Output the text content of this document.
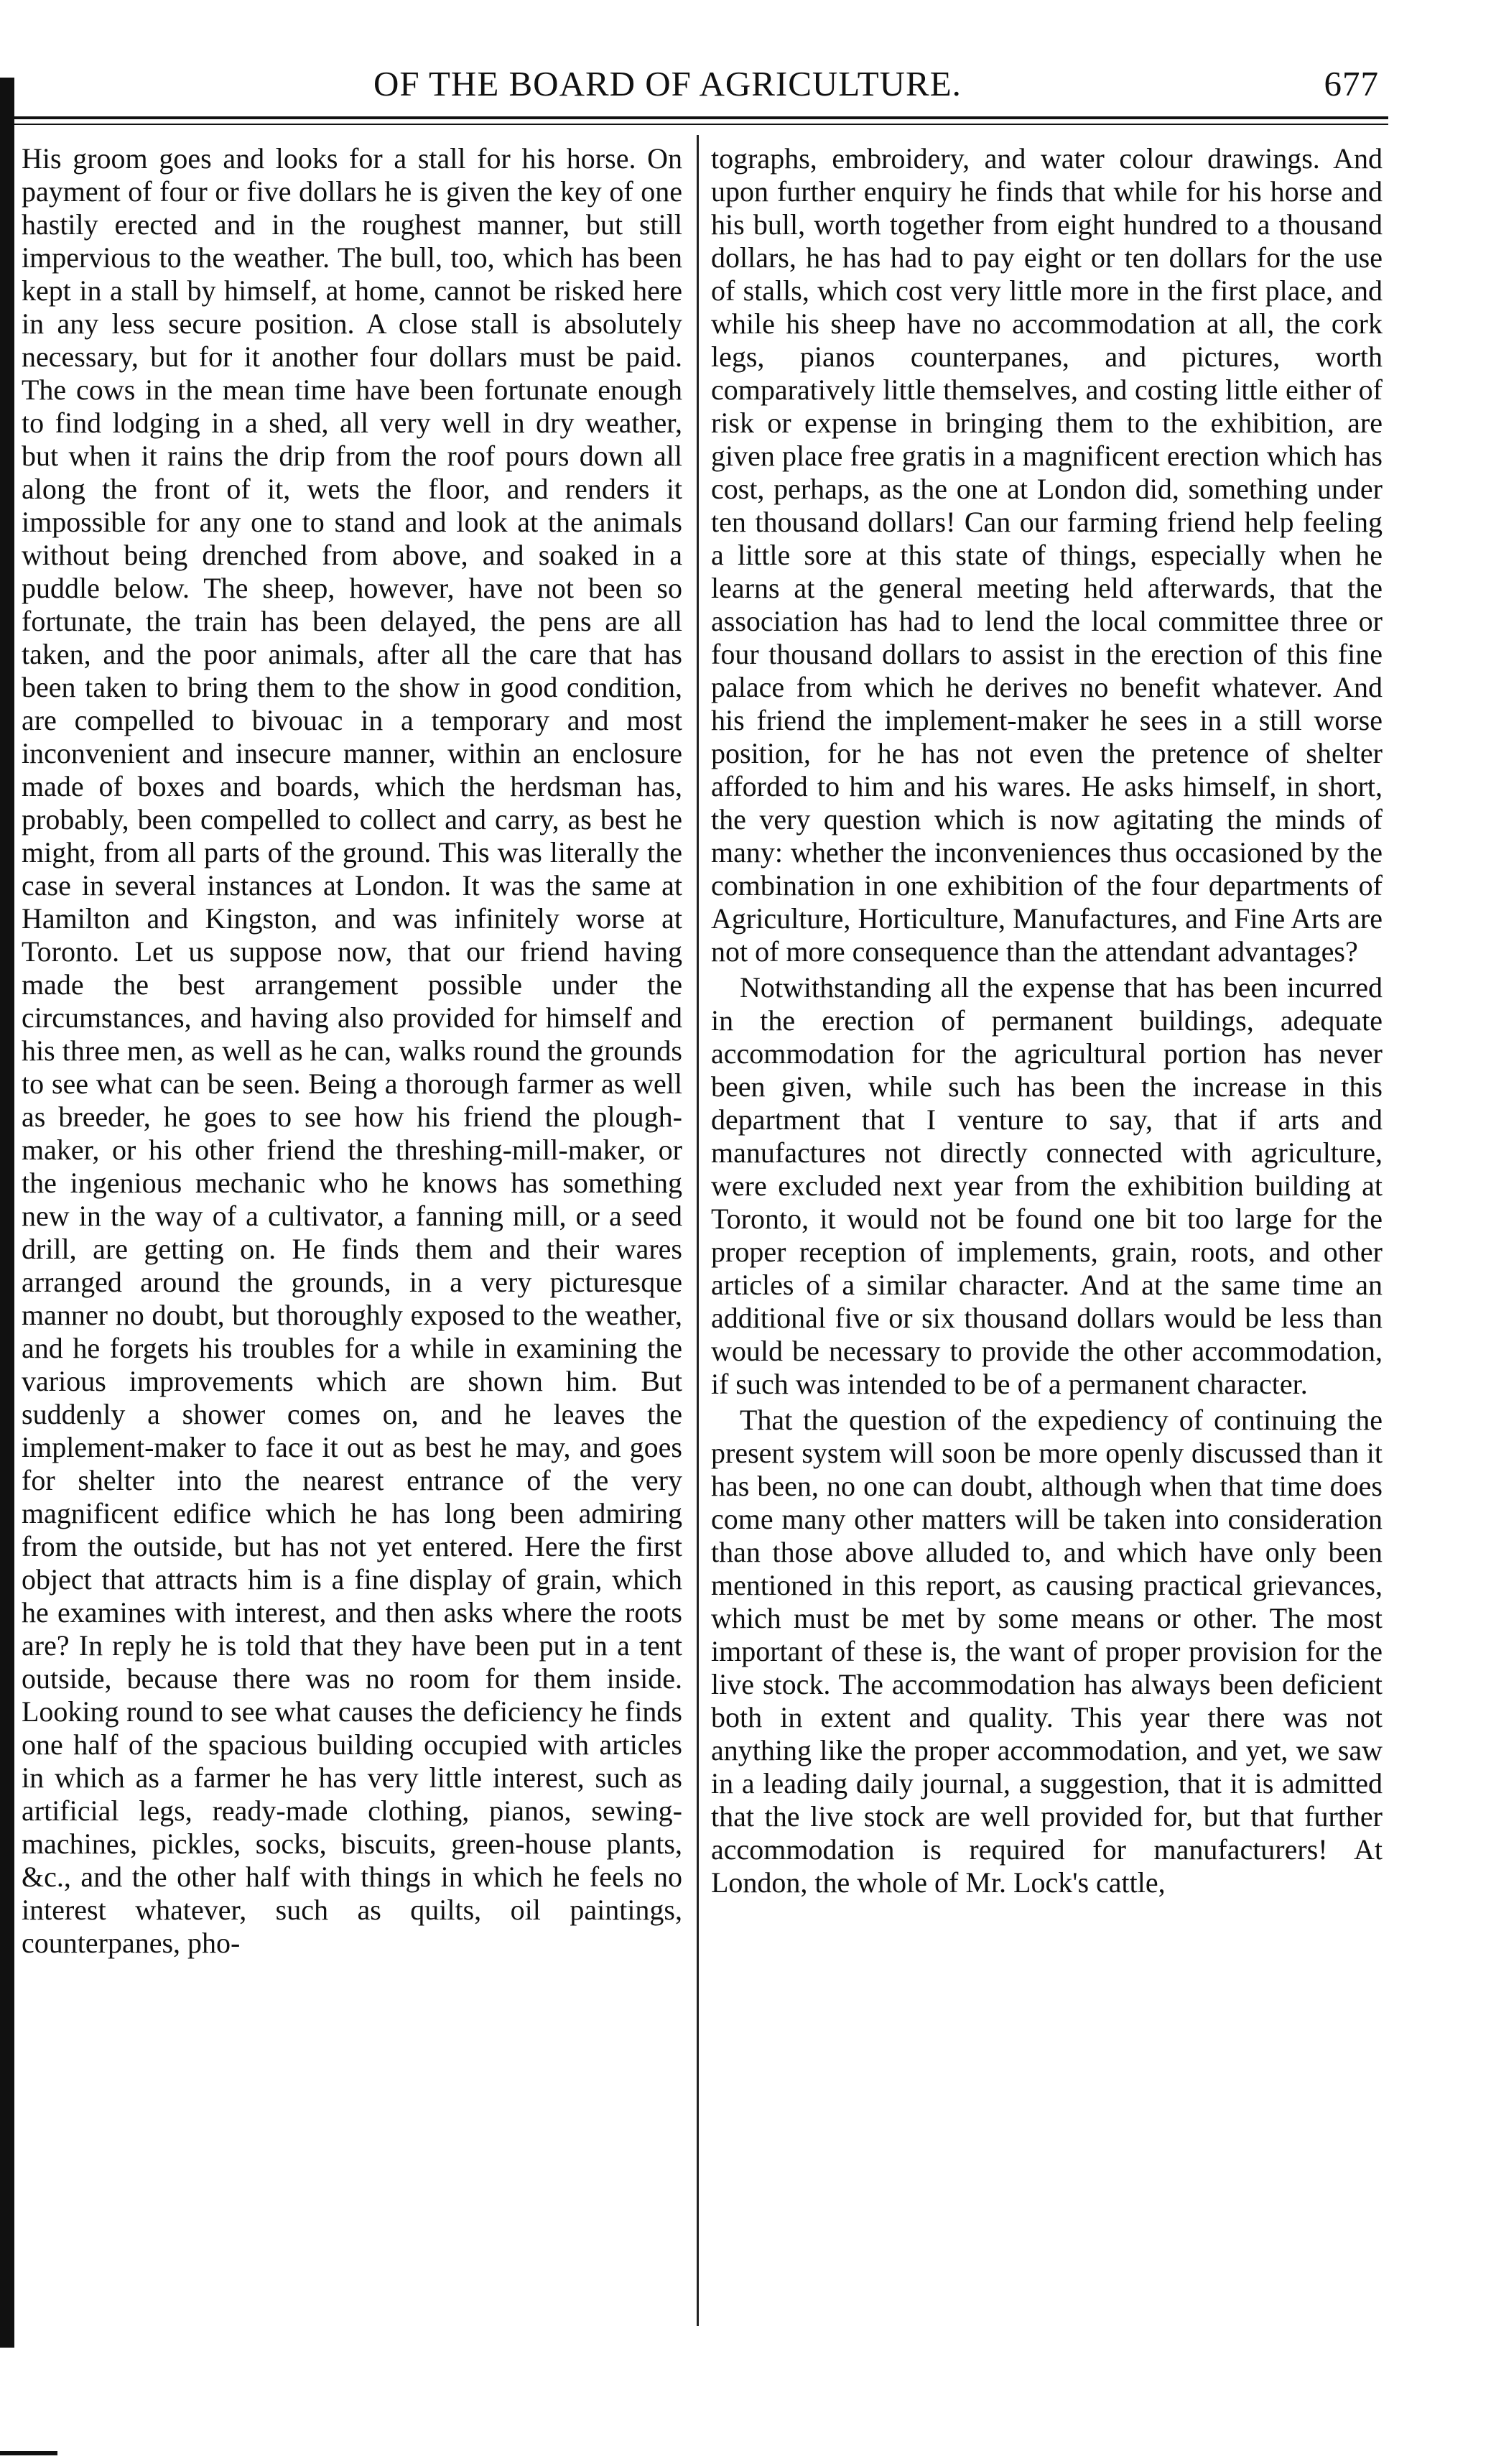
OF THE BOARD OF AGRICULTURE.	677

His groom goes and looks for a stall for his horse. On payment of four or five dollars he is given the key of one hastily erected and in the roughest manner, but still impervious to the weather. The bull, too, which has been kept in a stall by himself, at home, cannot be risked here in any less secure position. A close stall is absolutely necessary, but for it another four dollars must be paid. The cows in the mean time have been fortunate enough to find lodging in a shed, all very well in dry weather, but when it rains the drip from the roof pours down all along the front of it, wets the floor, and renders it impossible for any one to stand and look at the animals without being drenched from above, and soaked in a puddle below. The sheep, however, have not been so fortunate, the train has been delayed, the pens are all taken, and the poor animals, after all the care that has been taken to bring them to the show in good condition, are compelled to bivouac in a temporary and most inconvenient and insecure manner, within an enclosure made of boxes and boards, which the herdsman has, probably, been compelled to collect and carry, as best he might, from all parts of the ground. This was literally the case in several instances at London. It was the same at Hamilton and Kingston, and was infinitely worse at Toronto. Let us suppose now, that our friend having made the best arrangement possible under the circumstances, and having also provided for himself and his three men, as well as he can, walks round the grounds to see what can be seen. Being a thorough farmer as well as breeder, he goes to see how his friend the plough-maker, or his other friend the threshing-mill-maker, or the ingenious mechanic who he knows has something new in the way of a cultivator, a fanning mill, or a seed drill, are getting on. He finds them and their wares arranged around the grounds, in a very picturesque manner no doubt, but thoroughly exposed to the weather, and he forgets his troubles for a while in examining the various improvements which are shown him. But suddenly a shower comes on, and he leaves the implement-maker to face it out as best he may, and goes for shelter into the nearest entrance of the very magnificent edifice which he has long been admiring from the outside, but has not yet entered. Here the first object that attracts him is a fine display of grain, which he examines with interest, and then asks where the roots are? In reply he is told that they have been put in a tent outside, because there was no room for them inside. Looking round to see what causes the deficiency he finds one half of the spacious building occupied with articles in which as a farmer he has very little interest, such as artificial legs, ready-made clothing, pianos, sewing-machines, pickles, socks, biscuits, green-house plants, &c., and the other half with things in which he feels no interest whatever, such as quilts, oil paintings, counterpanes, pho-

tographs, embroidery, and water colour drawings. And upon further enquiry he finds that while for his horse and his bull, worth together from eight hundred to a thousand dollars, he has had to pay eight or ten dollars for the use of stalls, which cost very little more in the first place, and while his sheep have no accommodation at all, the cork legs, pianos counterpanes, and pictures, worth comparatively little themselves, and costing little either of risk or expense in bringing them to the exhibition, are given place free gratis in a magnificent erection which has cost, perhaps, as the one at London did, something under ten thousand dollars! Can our farming friend help feeling a little sore at this state of things, especially when he learns at the general meeting held afterwards, that the association has had to lend the local committee three or four thousand dollars to assist in the erection of this fine palace from which he derives no benefit whatever. And his friend the implement-maker he sees in a still worse position, for he has not even the pretence of shelter afforded to him and his wares. He asks himself, in short, the very question which is now agitating the minds of many: whether the inconveniences thus occasioned by the combination in one exhibition of the four departments of Agriculture, Horticulture, Manufactures, and Fine Arts are not of more consequence than the attendant advantages?

Notwithstanding all the expense that has been incurred in the erection of permanent buildings, adequate accommodation for the agricultural portion has never been given, while such has been the increase in this department that I venture to say, that if arts and manufactures not directly connected with agriculture, were excluded next year from the exhibition building at Toronto, it would not be found one bit too large for the proper reception of implements, grain, roots, and other articles of a similar character. And at the same time an additional five or six thousand dollars would be less than would be necessary to provide the other accommodation, if such was intended to be of a permanent character.

That the question of the expediency of continuing the present system will soon be more openly discussed than it has been, no one can doubt, although when that time does come many other matters will be taken into consideration than those above alluded to, and which have only been mentioned in this report, as causing practical grievances, which must be met by some means or other. The most important of these is, the want of proper provision for the live stock. The accommodation has always been deficient both in extent and quality. This year there was not anything like the proper accommodation, and yet, we saw in a leading daily journal, a suggestion, that it is admitted that the live stock are well provided for, but that further accommodation is required for manufacturers! At London, the whole of Mr. Lock's cattle,
